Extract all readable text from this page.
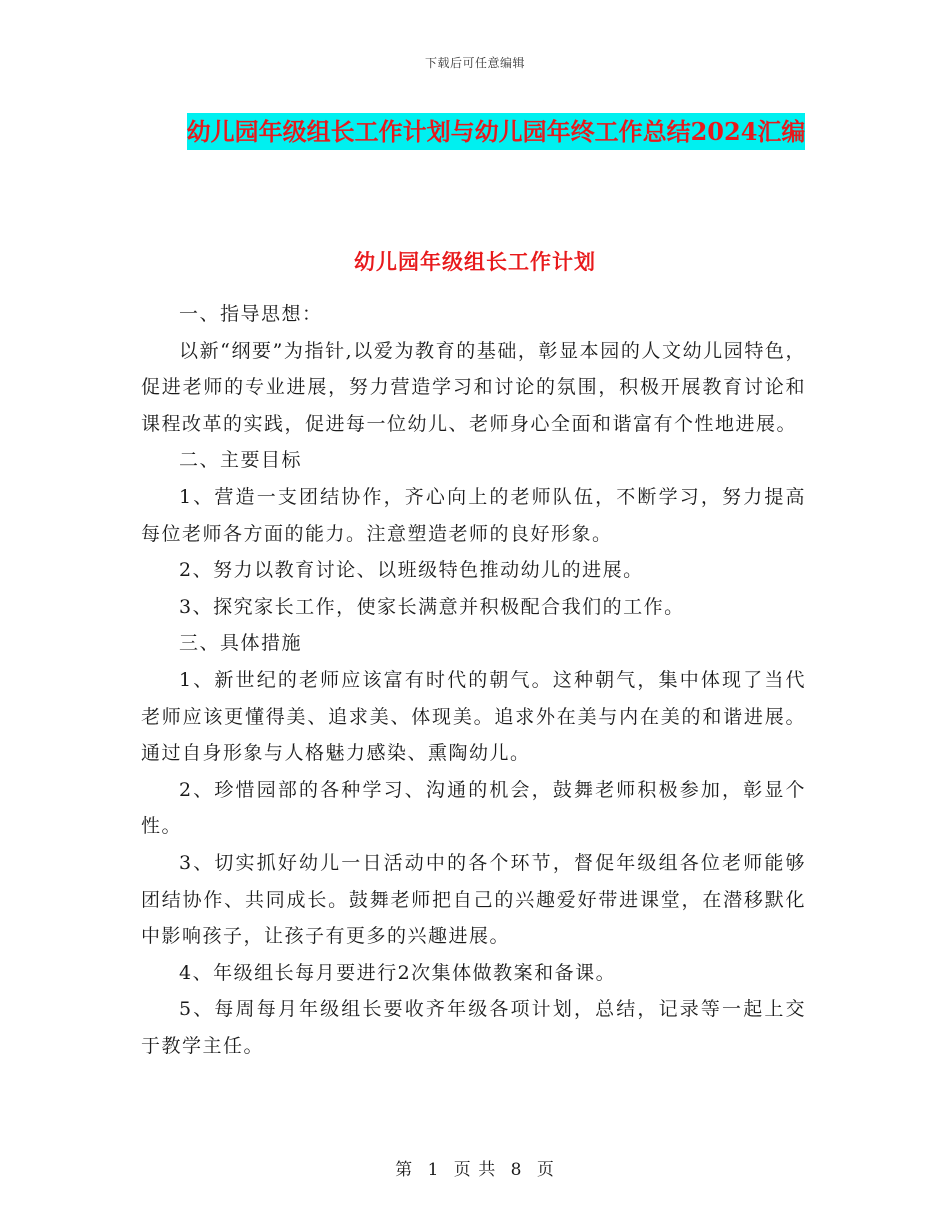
下载后可任意编辑
幼儿园年级组长工作计划与幼儿园年终工作总结2024汇编
幼儿园年级组长工作计划

一、指导思想：

以新“纲要”为指针,以爱为教育的基础，彰显本园的人文幼儿园特色，促进老师的专业进展，努力营造学习和讨论的氛围，积极开展教育讨论和课程改革的实践，促进每一位幼儿、老师身心全面和谐富有个性地进展。

二、主要目标

1、营造一支团结协作，齐心向上的老师队伍，不断学习，努力提高每位老师各方面的能力。注意塑造老师的良好形象。

2、努力以教育讨论、以班级特色推动幼儿的进展。

3、探究家长工作，使家长满意并积极配合我们的工作。

三、具体措施

1、新世纪的老师应该富有时代的朝气。这种朝气，集中体现了当代老师应该更懂得美、追求美、体现美。追求外在美与内在美的和谐进展。通过自身形象与人格魅力感染、熏陶幼儿。

2、珍惜园部的各种学习、沟通的机会，鼓舞老师积极参加，彰显个性。

3、切实抓好幼儿一日活动中的各个环节，督促年级组各位老师能够团结协作、共同成长。鼓舞老师把自己的兴趣爱好带进课堂，在潜移默化中影响孩子，让孩子有更多的兴趣进展。

4、年级组长每月要进行2次集体做教案和备课。

5、每周每月年级组长要收齐年级各项计划，总结，记录等一起上交于教学主任。

第 1 页 共 8 页
